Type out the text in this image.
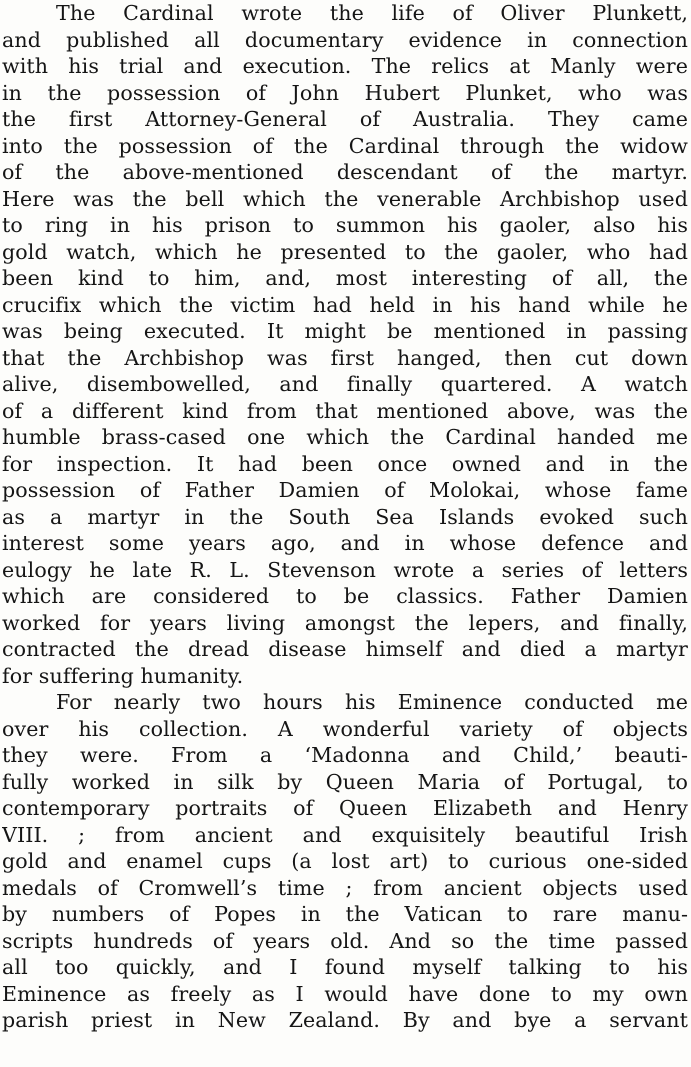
The Cardinal wrote the life of Oliver Plunkett,
and published all documentary evidence in connection
with his trial and execution. The relics at Manly were
in the possession of John Hubert Plunket, who was
the first Attorney-General of Australia. They came
into the possession of the Cardinal through the widow
of the above-mentioned descendant of the martyr.
Here was the bell which the venerable Archbishop used
to ring in his prison to summon his gaoler, also his
gold watch, which he presented to the gaoler, who had
been kind to him, and, most interesting of all, the
crucifix which the victim had held in his hand while he
was being executed. It might be mentioned in passing
that the Archbishop was first hanged, then cut down
alive, disembowelled, and finally quartered. A watch
of a different kind from that mentioned above, was the
humble brass-cased one which the Cardinal handed me
for inspection. It had been once owned and in the
possession of Father Damien of Molokai, whose fame
as a martyr in the South Sea Islands evoked such
interest some years ago, and in whose defence and
eulogy he late R. L. Stevenson wrote a series of letters
which are considered to be classics. Father Damien
worked for years living amongst the lepers, and finally,
contracted the dread disease himself and died a martyr
for suffering humanity.
For nearly two hours his Eminence conducted me
over his collection. A wonderful variety of objects
they were. From a ‘Madonna and Child,’ beauti-
fully worked in silk by Queen Maria of Portugal, to
contemporary portraits of Queen Elizabeth and Henry
VIII. ; from ancient and exquisitely beautiful Irish
gold and enamel cups (a lost art) to curious one-sided
medals of Cromwell’s time ; from ancient objects used
by numbers of Popes in the Vatican to rare manu-
scripts hundreds of years old. And so the time passed
all too quickly, and I found myself talking to his
Eminence as freely as I would have done to my own
parish priest in New Zealand. By and bye a servant
